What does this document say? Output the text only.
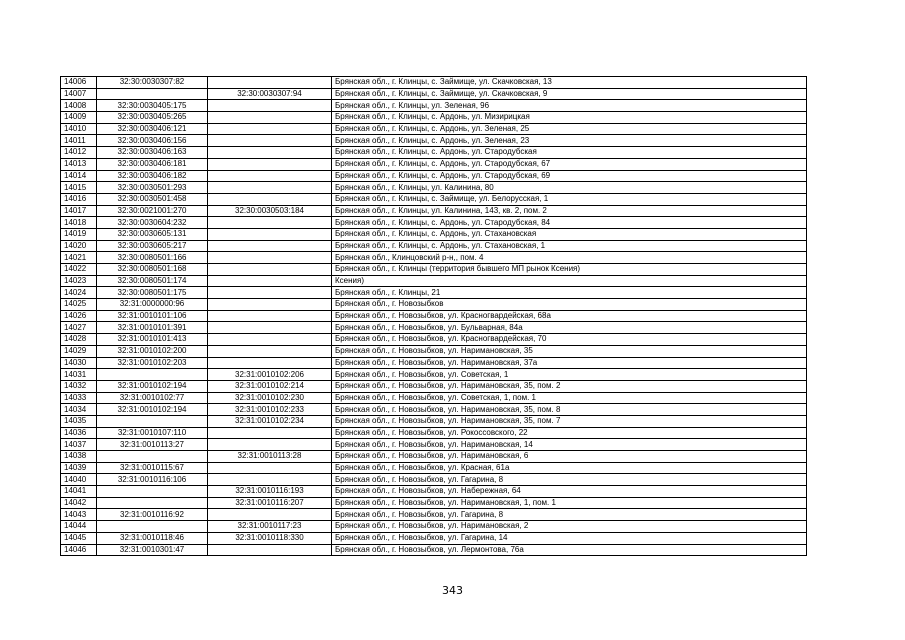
14006	32:30:0030307:82		Брянская обл., г. Клинцы, с. Займище, ул. Скачковская, 13
14007		32:30:0030307:94	Брянская обл., г. Клинцы, с. Займище, ул. Скачковская, 9
14008	32:30:0030405:175		Брянская обл., г. Клинцы, ул. Зеленая, 96
14009	32:30:0030405:265		Брянская обл., г. Клинцы, с. Ардонь, ул. Мизирицкая
14010	32:30:0030406:121		Брянская обл., г. Клинцы, с. Ардонь, ул. Зеленая, 25
14011	32:30:0030406:156		Брянская обл., г. Клинцы, с. Ардонь, ул. Зеленая, 23
14012	32:30:0030406:163		Брянская обл., г. Клинцы, с. Ардонь, ул. Стародубская
14013	32:30:0030406:181		Брянская обл., г. Клинцы, с. Ардонь, ул. Стародубская, 67
14014	32:30:0030406:182		Брянская обл., г. Клинцы, с. Ардонь, ул. Стародубская, 69
14015	32:30:0030501:293		Брянская обл., г. Клинцы, ул. Калинина, 80
14016	32:30:0030501:458		Брянская обл., г. Клинцы, с. Займище, ул. Белорусская, 1
14017	32:30:0021001:270	32:30:0030503:184	Брянская обл., г. Клинцы, ул. Калинина, 143, кв. 2, пом. 2
14018	32:30:0030604:232		Брянская обл., г. Клинцы, с. Ардонь, ул. Стародубская, 84
14019	32:30:0030605:131		Брянская обл., г. Клинцы, с. Ардонь, ул. Стахановская
14020	32:30:0030605:217		Брянская обл., г. Клинцы, с. Ардонь, ул. Стахановская, 1
14021	32:30:0080501:166		Брянская обл., Клинцовский р-н,, пом. 4
14022	32:30:0080501:168		Брянская обл., г. Клинцы (территория бывшего МП рынок Ксения)
14023	32:30:0080501:174		Ксения)
14024	32:30:0080501:175		Брянская обл., г. Клинцы, 21
14025	32:31:0000000:96		Брянская обл., г. Новозыбков
14026	32:31:0010101:106		Брянская обл., г. Новозыбков, ул. Красногвардейская, 68а
14027	32:31:0010101:391		Брянская обл., г. Новозыбков, ул. Бульварная, 84а
14028	32:31:0010101:413		Брянская обл., г. Новозыбков, ул. Красногвардейская, 70
14029	32:31:0010102:200		Брянская обл., г. Новозыбков, ул. Наримановская, 35
14030	32:31:0010102:203		Брянская обл., г. Новозыбков, ул. Наримановская, 37а
14031		32:31:0010102:206	Брянская обл., г. Новозыбков, ул. Советская, 1
14032	32:31:0010102:194	32:31:0010102:214	Брянская обл., г. Новозыбков, ул. Наримановская, 35, пом. 2
14033	32:31:0010102:77	32:31:0010102:230	Брянская обл., г. Новозыбков, ул. Советская, 1, пом. 1
14034	32:31:0010102:194	32:31:0010102:233	Брянская обл., г. Новозыбков, ул. Наримановская, 35, пом. 8
14035		32:31:0010102:234	Брянская обл., г. Новозыбков, ул. Наримановская, 35, пом. 7
14036	32:31:0010107:110		Брянская обл., г. Новозыбков, ул. Рокоссовского, 22
14037	32:31:0010113:27		Брянская обл., г. Новозыбков, ул. Наримановская, 14
14038		32:31:0010113:28	Брянская обл., г. Новозыбков, ул. Наримановская, 6
14039	32:31:0010115:67		Брянская обл., г. Новозыбков, ул. Красная, 61а
14040	32:31:0010116:106		Брянская обл., г. Новозыбков, ул. Гагарина, 8
14041		32:31:0010116:193	Брянская обл., г. Новозыбков, ул. Набережная, 64
14042		32:31:0010116:207	Брянская обл., г. Новозыбков, ул. Наримановская, 1, пом. 1
14043	32:31:0010116:92		Брянская обл., г. Новозыбков, ул. Гагарина, 8
14044		32:31:0010117:23	Брянская обл., г. Новозыбков, ул. Наримановская, 2
14045	32:31:0010118:46	32:31:0010118:330	Брянская обл., г. Новозыбков, ул. Гагарина, 14
14046	32:31:0010301:47		Брянская обл., г. Новозыбков, ул. Лермонтова, 76а
343
